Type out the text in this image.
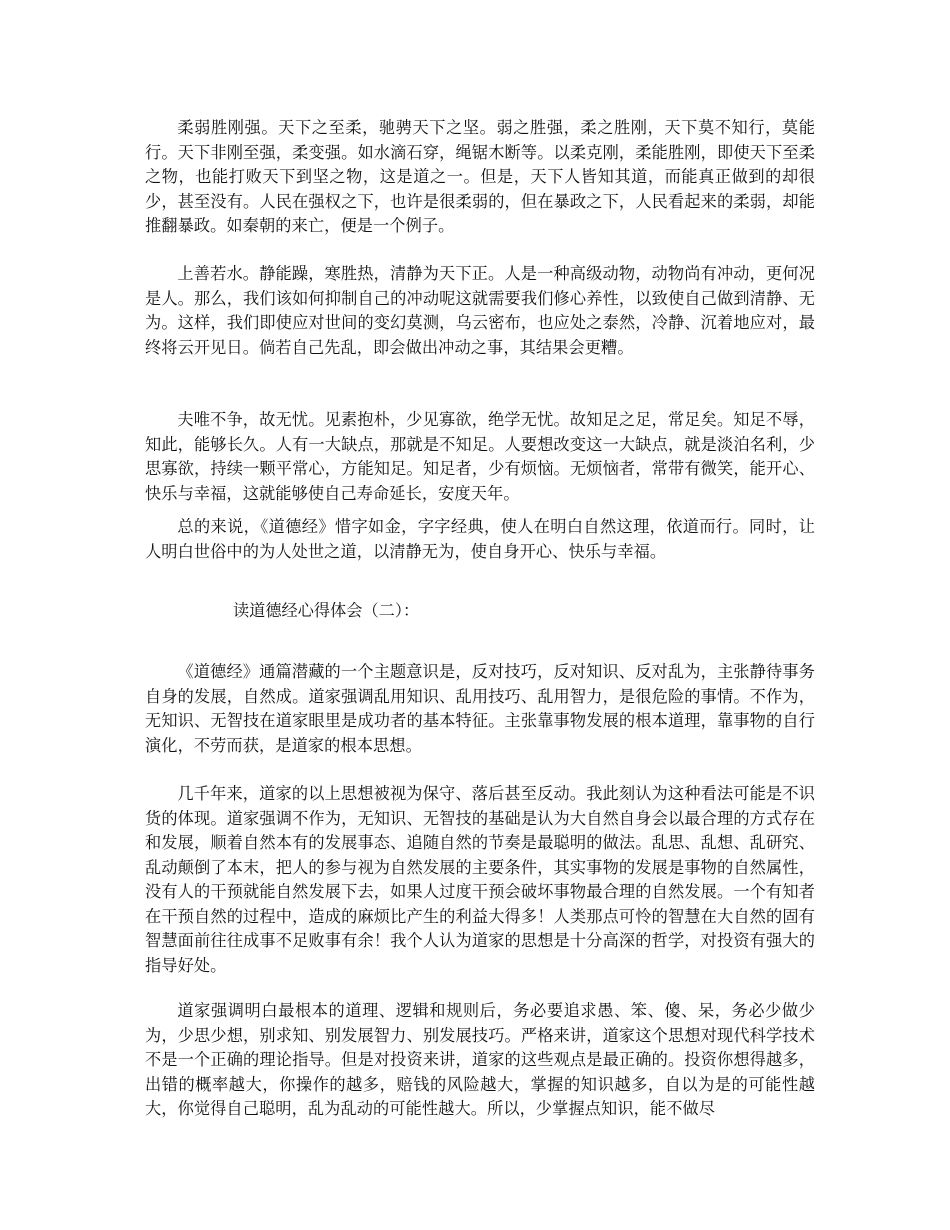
柔弱胜刚强。天下之至柔，驰骋天下之坚。弱之胜强，柔之胜刚，天下莫不知行，莫能行。天下非刚至强，柔变强。如水滴石穿，绳锯木断等。以柔克刚，柔能胜刚，即使天下至柔之物，也能打败天下到坚之物，这是道之一。但是，天下人皆知其道，而能真正做到的却很少，甚至没有。人民在强权之下，也许是很柔弱的，但在暴政之下，人民看起来的柔弱，却能推翻暴政。如秦朝的来亡，便是一个例子。

上善若水。静能躁，寒胜热，清静为天下正。人是一种高级动物，动物尚有冲动，更何况是人。那么，我们该如何抑制自己的冲动呢这就需要我们修心养性，以致使自己做到清静、无为。这样，我们即使应对世间的变幻莫测，乌云密布，也应处之泰然，冷静、沉着地应对，最终将云开见日。倘若自己先乱，即会做出冲动之事，其结果会更糟。

夫唯不争，故无忧。见素抱朴，少见寡欲，绝学无忧。故知足之足，常足矣。知足不辱，知此，能够长久。人有一大缺点，那就是不知足。人要想改变这一大缺点，就是淡泊名利，少思寡欲，持续一颗平常心，方能知足。知足者，少有烦恼。无烦恼者，常带有微笑，能开心、快乐与幸福，这就能够使自己寿命延长，安度天年。

总的来说，《道德经》惜字如金，字字经典，使人在明白自然这理，依道而行。同时，让人明白世俗中的为人处世之道，以清静无为，使自身开心、快乐与幸福。

读道德经心得体会（二）：

《道德经》通篇潜藏的一个主题意识是，反对技巧，反对知识、反对乱为，主张静待事务自身的发展，自然成。道家强调乱用知识、乱用技巧、乱用智力，是很危险的事情。不作为，无知识、无智技在道家眼里是成功者的基本特征。主张靠事物发展的根本道理，靠事物的自行演化，不劳而获，是道家的根本思想。

几千年来，道家的以上思想被视为保守、落后甚至反动。我此刻认为这种看法可能是不识货的体现。道家强调不作为，无知识、无智技的基础是认为大自然自身会以最合理的方式存在和发展，顺着自然本有的发展事态、追随自然的节奏是最聪明的做法。乱思、乱想、乱研究、乱动颠倒了本末，把人的参与视为自然发展的主要条件，其实事物的发展是事物的自然属性，没有人的干预就能自然发展下去，如果人过度干预会破坏事物最合理的自然发展。一个有知者在干预自然的过程中，造成的麻烦比产生的利益大得多！人类那点可怜的智慧在大自然的固有智慧面前往往成事不足败事有余！我个人认为道家的思想是十分高深的哲学，对投资有强大的指导好处。

道家强调明白最根本的道理、逻辑和规则后，务必要追求愚、笨、傻、呆，务必少做少为，少思少想，别求知、别发展智力、别发展技巧。严格来讲，道家这个思想对现代科学技术不是一个正确的理论指导。但是对投资来讲，道家的这些观点是最正确的。投资你想得越多，出错的概率越大，你操作的越多，赔钱的风险越大，掌握的知识越多，自以为是的可能性越大，你觉得自己聪明，乱为乱动的可能性越大。所以，少掌握点知识，能不做尽
